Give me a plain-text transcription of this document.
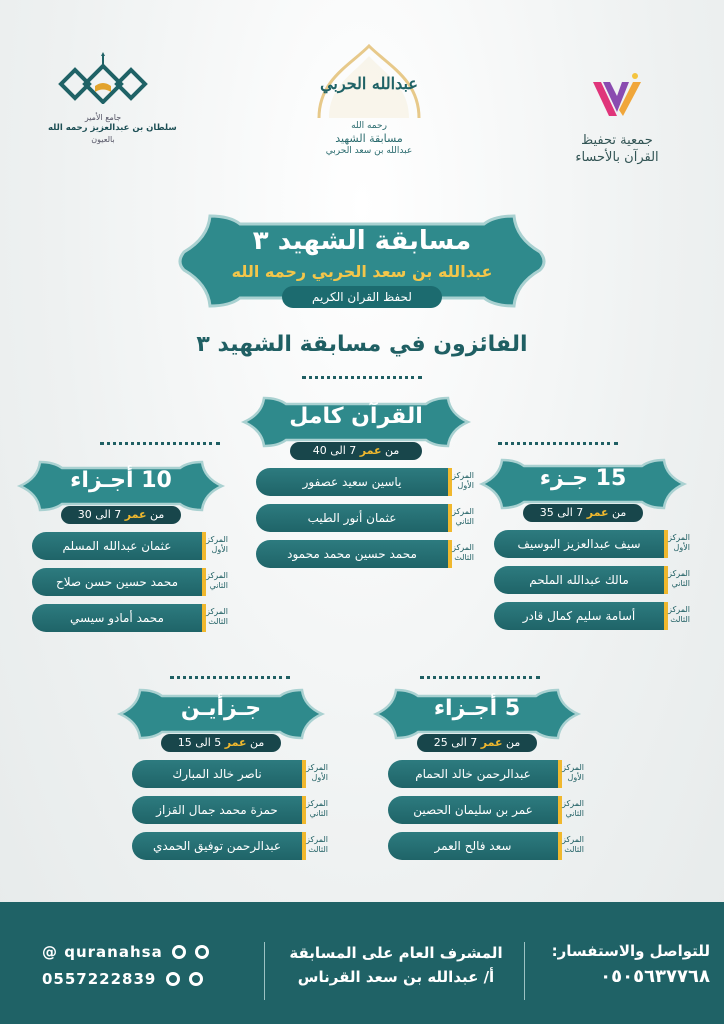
جمعية تحفيظ
القرآن بالأحساء
عبدالله الحربي
رحمه الله
مسابقة الشهيد
عبدالله بن سعد الحربي
جامع الأمير
سلطان بن عبدالعزيز رحمه الله
بالعيون
مسابقة الشهيد ٣
عبدالله بن سعد الحربي رحمه الله
لحفظ القران الكريم
الفائزون في مسابقة الشهيد ٣
القرآن كامل
من عمر 7 الى 40
ياسين سعيد عصفور	المركز
الأول
عثمان أنور الطيب	المركز
الثاني
محمد حسين محمد محمود	المركز
الثالث
15 جـزء
من عمر 7 الى 35
سيف عبدالعزيز البوسيف	المركز
الأول
مالك عبدالله الملحم	المركز
الثاني
أسامة سليم كمال قادر	المركز
الثالث
10 أجـزاء
من عمر 7 الى 30
عثمان عبدالله المسلم	المركز
الأول
محمد حسين حسن صلاح	المركز
الثاني
محمد أمادو سيسي	المركز
الثالث
5 أجـزاء
من عمر 7 الى 25
عبدالرحمن خالد الحمام	المركز
الأول
عمر بن سليمان الحصين	المركز
الثاني
سعد فالح العمر	المركز
الثالث
جـزأيـن
من عمر 5 الى 15
ناصر خالد المبارك	المركز
الأول
حمزة محمد جمال القزاز	المركز
الثاني
عبدالرحمن توفيق الحمدي	المركز
الثالث
للتواصل والاستفسار:
٠٥٠٥٦٣٧٧٦٨
المشرف العام على المسابقة
أ/ عبدالله بن سعد القرناس
@ quranahsa

0557222839
